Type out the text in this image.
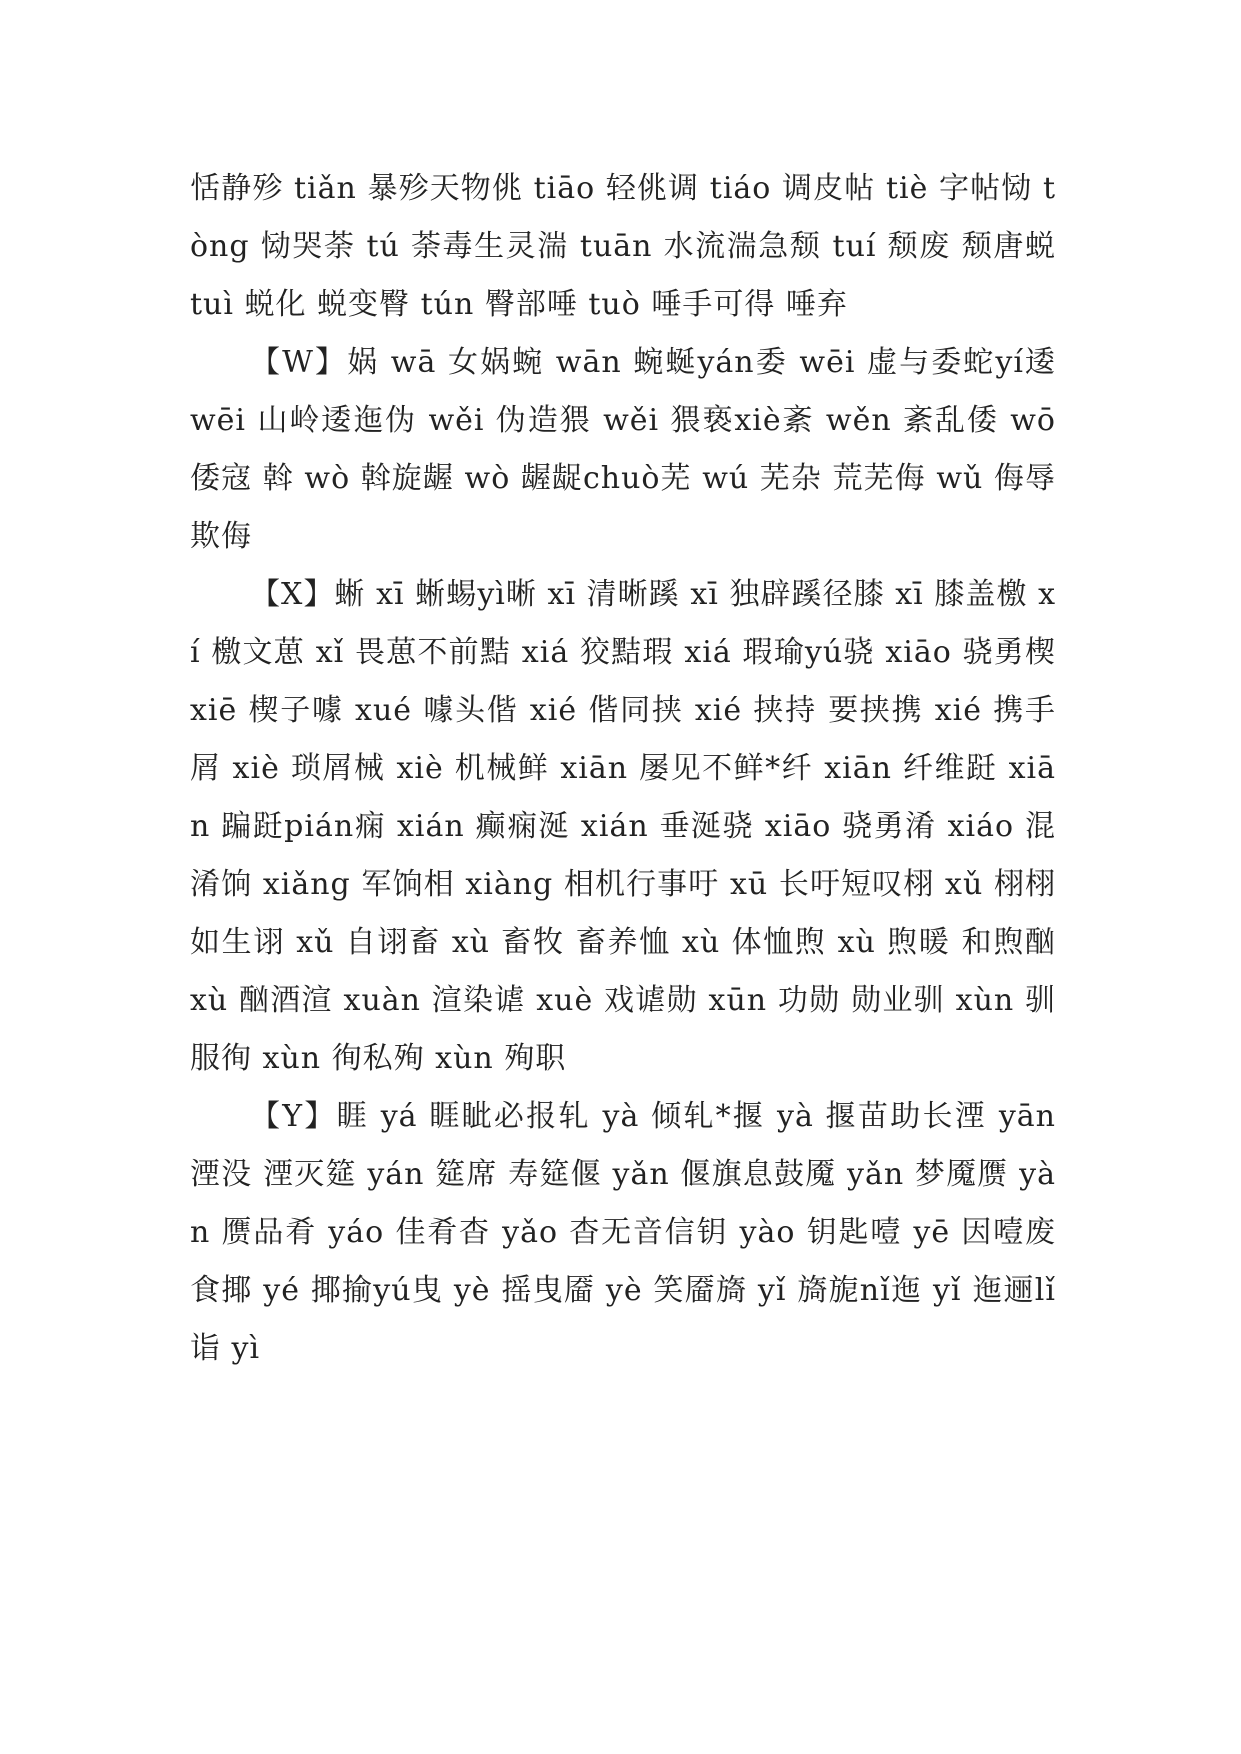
恬静殄 tiǎn 暴殄天物佻 tiāo 轻佻调 tiáo 调皮帖 tiè 字帖恸 tòng 恸哭荼 tú 荼毒生灵湍 tuān 水流湍急颓 tuí 颓废 颓唐蜕 tuì 蜕化 蜕变臀 tún 臀部唾 tuò 唾手可得 唾弃

【W】娲 wā 女娲蜿 wān 蜿蜒yán委 wēi 虚与委蛇yí逶 wēi 山岭逶迤伪 wěi 伪造猥 wěi 猥亵xiè紊 wěn 紊乱倭 wō 倭寇 斡 wò 斡旋龌 wò 龌龊chuò芜 wú 芜杂 荒芜侮 wǔ 侮辱 欺侮

【X】蜥 xī 蜥蜴yì晰 xī 清晰蹊 xī 独辟蹊径膝 xī 膝盖檄 xí 檄文葸 xǐ 畏葸不前黠 xiá 狡黠瑕 xiá 瑕瑜yú骁 xiāo 骁勇楔 xiē 楔子噱 xué 噱头偕 xié 偕同挟 xié 挟持 要挟携 xié 携手屑 xiè 琐屑械 xiè 机械鲜 xiān 屡见不鲜*纤 xiān 纤维跹 xiān 蹁跹pián痫 xián 癫痫涎 xián 垂涎骁 xiāo 骁勇淆 xiáo 混淆饷 xiǎng 军饷相 xiàng 相机行事吁 xū 长吁短叹栩 xǔ 栩栩如生诩 xǔ 自诩畜 xù 畜牧 畜养恤 xù 体恤煦 xù 煦暖 和煦酗 xù 酗酒渲 xuàn 渲染谑 xuè 戏谑勋 xūn 功勋 勋业驯 xùn 驯服徇 xùn 徇私殉 xùn 殉职

【Y】睚 yá 睚眦必报轧 yà 倾轧*揠 yà 揠苗助长湮 yān 湮没 湮灭筵 yán 筵席 寿筵偃 yǎn 偃旗息鼓魇 yǎn 梦魇赝 yàn 赝品肴 yáo 佳肴杳 yǎo 杳无音信钥 yào 钥匙噎 yē 因噎废食揶 yé 揶揄yú曳 yè 摇曳靥 yè 笑靥旖 yǐ 旖旎nǐ迤 yǐ 迤逦lǐ诣 yì
